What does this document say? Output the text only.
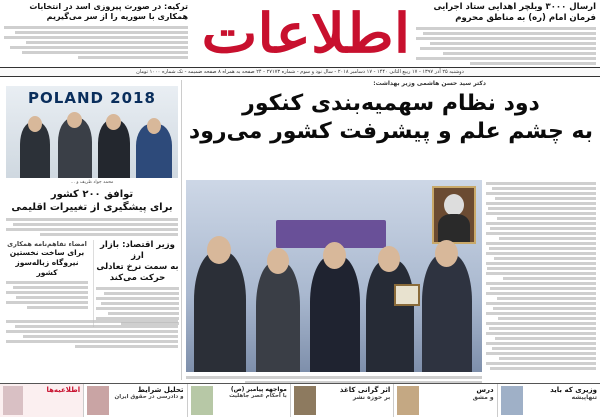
ارسال ۳۰۰۰ ویلچر اهدایی ستاد اجرایی
فرمان امام (ره) به مناطق محروم
اطلاعات
ترکیه: در صورت پیروزی اسد در انتخابات
همکاری با سوریه را از سر می‌گیریم
دوشنبه ۲۵ آذر ۱۳۹۷ - ۱۷ ربیع الثانی ۱۴۴۰ - ۱۷ دسامبر ۲۰۱۸ - سال نود و سوم - شماره ۲۷۱۷۳ - ۲۴ صفحه به همراه ۸ صفحه ضمیمه - تک شماره ۱۰۰۰ تومان
POLAND 2018
محمد جواد ظریف و ...
توافق ۲۰۰ کشور
برای پیشگیری از تغییرات اقلیمی
وزیر اقتصاد: بازار ارز
به سمت نرخ تعادلی
حرکت می‌کند
امضاء تفاهم‌نامه همکاری
برای ساخت نخستین
نیروگاه زباله‌سوز کشور
دکتر سید حسن هاشمی وزیر بهداشت:
دود نظام سهمیه‌بندی کنکور
به چشم علم و پیشرفت کشور می‌رود
وزیری که باید
تنهاپیشه
درس
و مشق
اثر گرانی کاغذ
بر حوزه نشر
مواجهه پیامبر (ص)
با احکام عصر جاهلیت
تحلیل شرایط
و دادرسی در حقوق ایران
اطلاعیه‌ها
